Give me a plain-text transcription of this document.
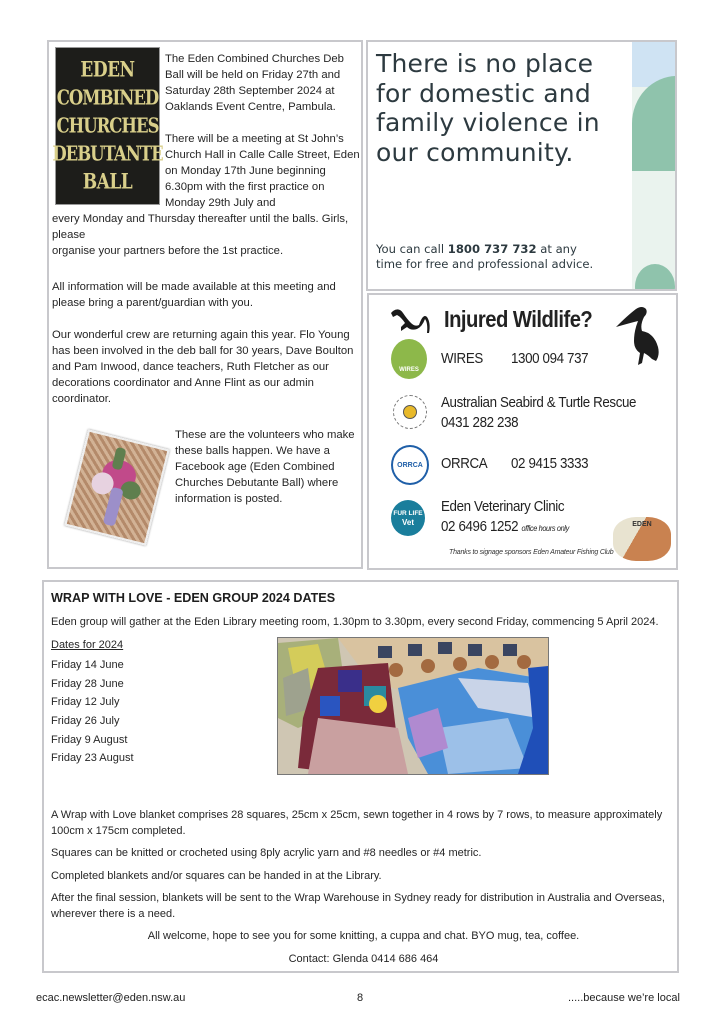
EDEN
COMBINED
CHURCHES
DEBUTANTE
BALL
The Eden Combined Churches Deb Ball will be held on Friday 27th and Saturday 28th September 2024 at Oaklands Event Centre, Pambula.
There will be a meeting at St John’s Church Hall in Calle Calle Street, Eden on Monday 17th June beginning 6.30pm with the first practice on Monday 29th July and
every Monday and Thursday thereafter until the balls. Girls, please
organise your partners before the 1st practice.
All information will be made available at this meeting and please bring a parent/guardian with you.
Our wonderful crew are returning again this year. Flo Young has been involved in the deb ball for 30 years, Dave Boulton and Pam Inwood, dance teachers, Ruth Fletcher as our decorations coordinator and Anne Flint as our admin coordinator.
These are the volunteers who make these balls happen. We have a Facebook age (Eden Combined Churches Debutante Ball) where information is posted.
There is no place for domestic and family violence in our community.
You can call 1800 737 732 at any time for free and professional advice.
Injured Wildlife?
WIRES
WIRES 1300 094 737
Australian Seabird & Turtle Rescue
0431 282 238
ORRCA ORRCA 02 9415 3333
FUR LIFE
Vet
Eden Veterinary Clinic
02 6496 1252 office hours only	EDEN
Thanks to signage sponsors Eden Amateur Fishing Club
WRAP WITH LOVE - EDEN GROUP 2024 DATES
Eden group will gather at the Eden Library meeting room, 1.30pm to 3.30pm, every second Friday, commencing 5 April 2024.
Dates for 2024
Friday 14 June
Friday 28 June
Friday 12 July
Friday 26 July
Friday 9 August
Friday 23 August

A Wrap with Love blanket comprises 28 squares, 25cm x 25cm, sewn together in 4 rows by 7 rows, to measure approximately 100cm x 175cm completed.

Squares can be knitted or crocheted using 8ply acrylic yarn and #8 needles or #4 metric.

Completed blankets and/or squares can be handed in at the Library.

After the final session, blankets will be sent to the Wrap Warehouse in Sydney ready for distribution in Australia and Overseas, wherever there is a need.

All welcome, hope to see you for some knitting, a cuppa and chat. BYO mug, tea, coffee.

Contact: Glenda 0414 686 464

ecac.newsletter@eden.nsw.au	8	.....because we’re local
